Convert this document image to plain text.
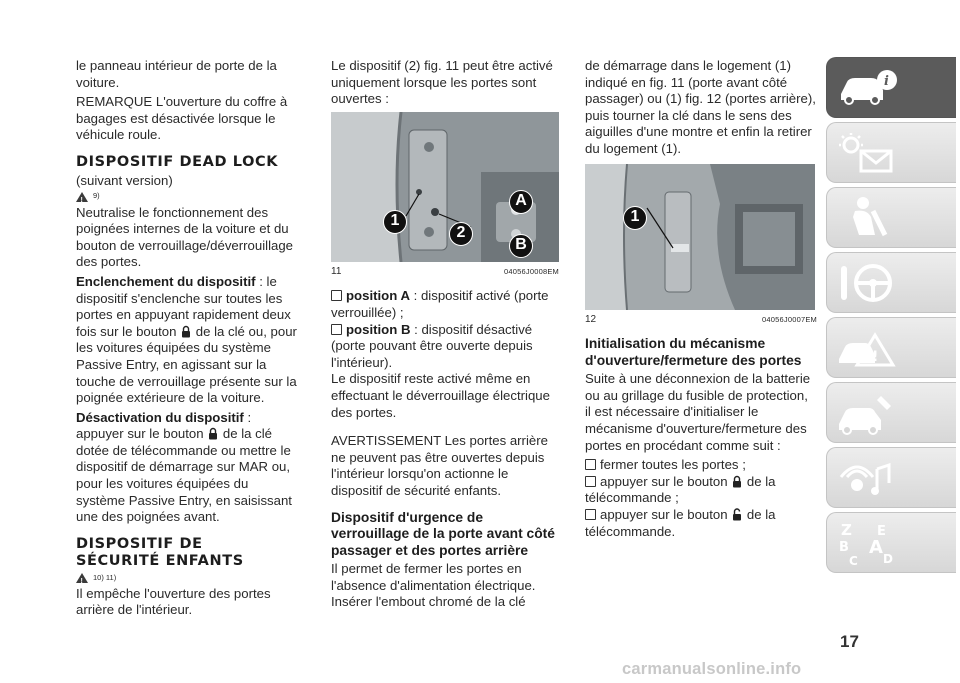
le panneau intérieur de porte de la voiture.

REMARQUE L'ouverture du coffre à bagages est désactivée lorsque le véhicule roule.

DISPOSITIF DEAD LOCK

(suivant version)

!
9)

Neutralise le fonctionnement des poignées internes de la voiture et du bouton de verrouillage/déverrouillage des portes.

Enclenchement du dispositif : le dispositif s'enclenche sur toutes les portes en appuyant rapidement deux fois sur le bouton  de la clé ou, pour les voitures équipées du système Passive Entry, en agissant sur la touche de verrouillage présente sur la poignée extérieure de la voiture.

Désactivation du dispositif : appuyer sur le bouton  de la clé dotée de télécommande ou mettre le dispositif de démarrage sur MAR ou, pour les voitures équipées du système Passive Entry, en saisissant une des poignées avant.

DISPOSITIF DE
SÉCURITÉ ENFANTS
!
10) 11)

Il empêche l'ouverture des portes arrière de l'intérieur.

Le dispositif (2) fig. 11 peut être activé uniquement lorsque les portes sont ouvertes :

1
2
A
B
11	04056J0008EM

position A : dispositif activé (porte verrouillée) ;

position B : dispositif désactivé (porte pouvant être ouverte depuis l'intérieur).

Le dispositif reste activé même en effectuant le déverrouillage électrique des portes.

AVERTISSEMENT Les portes arrière ne peuvent pas être ouvertes depuis l'intérieur lorsqu'on actionne le dispositif de sécurité enfants.

Dispositif d'urgence de verrouillage de la porte avant côté passager et des portes arrière

Il permet de fermer les portes en l'absence d'alimentation électrique. Insérer l'embout chromé de la clé

de démarrage dans le logement (1) indiqué en fig. 11 (porte avant côté passager) ou (1) fig. 12 (portes arrière), puis tourner la clé dans le sens des aiguilles d'une montre et enfin la retirer du logement (1).

1
12	04056J0007EM
Initialisation du mécanisme d'ouverture/fermeture des portes

Suite à une déconnexion de la batterie ou au grillage du fusible de protection, il est nécessaire d'initialiser le mécanisme d'ouverture/fermeture des portes en procédant comme suit :

fermer toutes les portes ;

appuyer sur le bouton  de la télécommande ;

appuyer sur le bouton  de la télécommande.

i
!
Z E
B A
C D
17
carmanualsonline.info
